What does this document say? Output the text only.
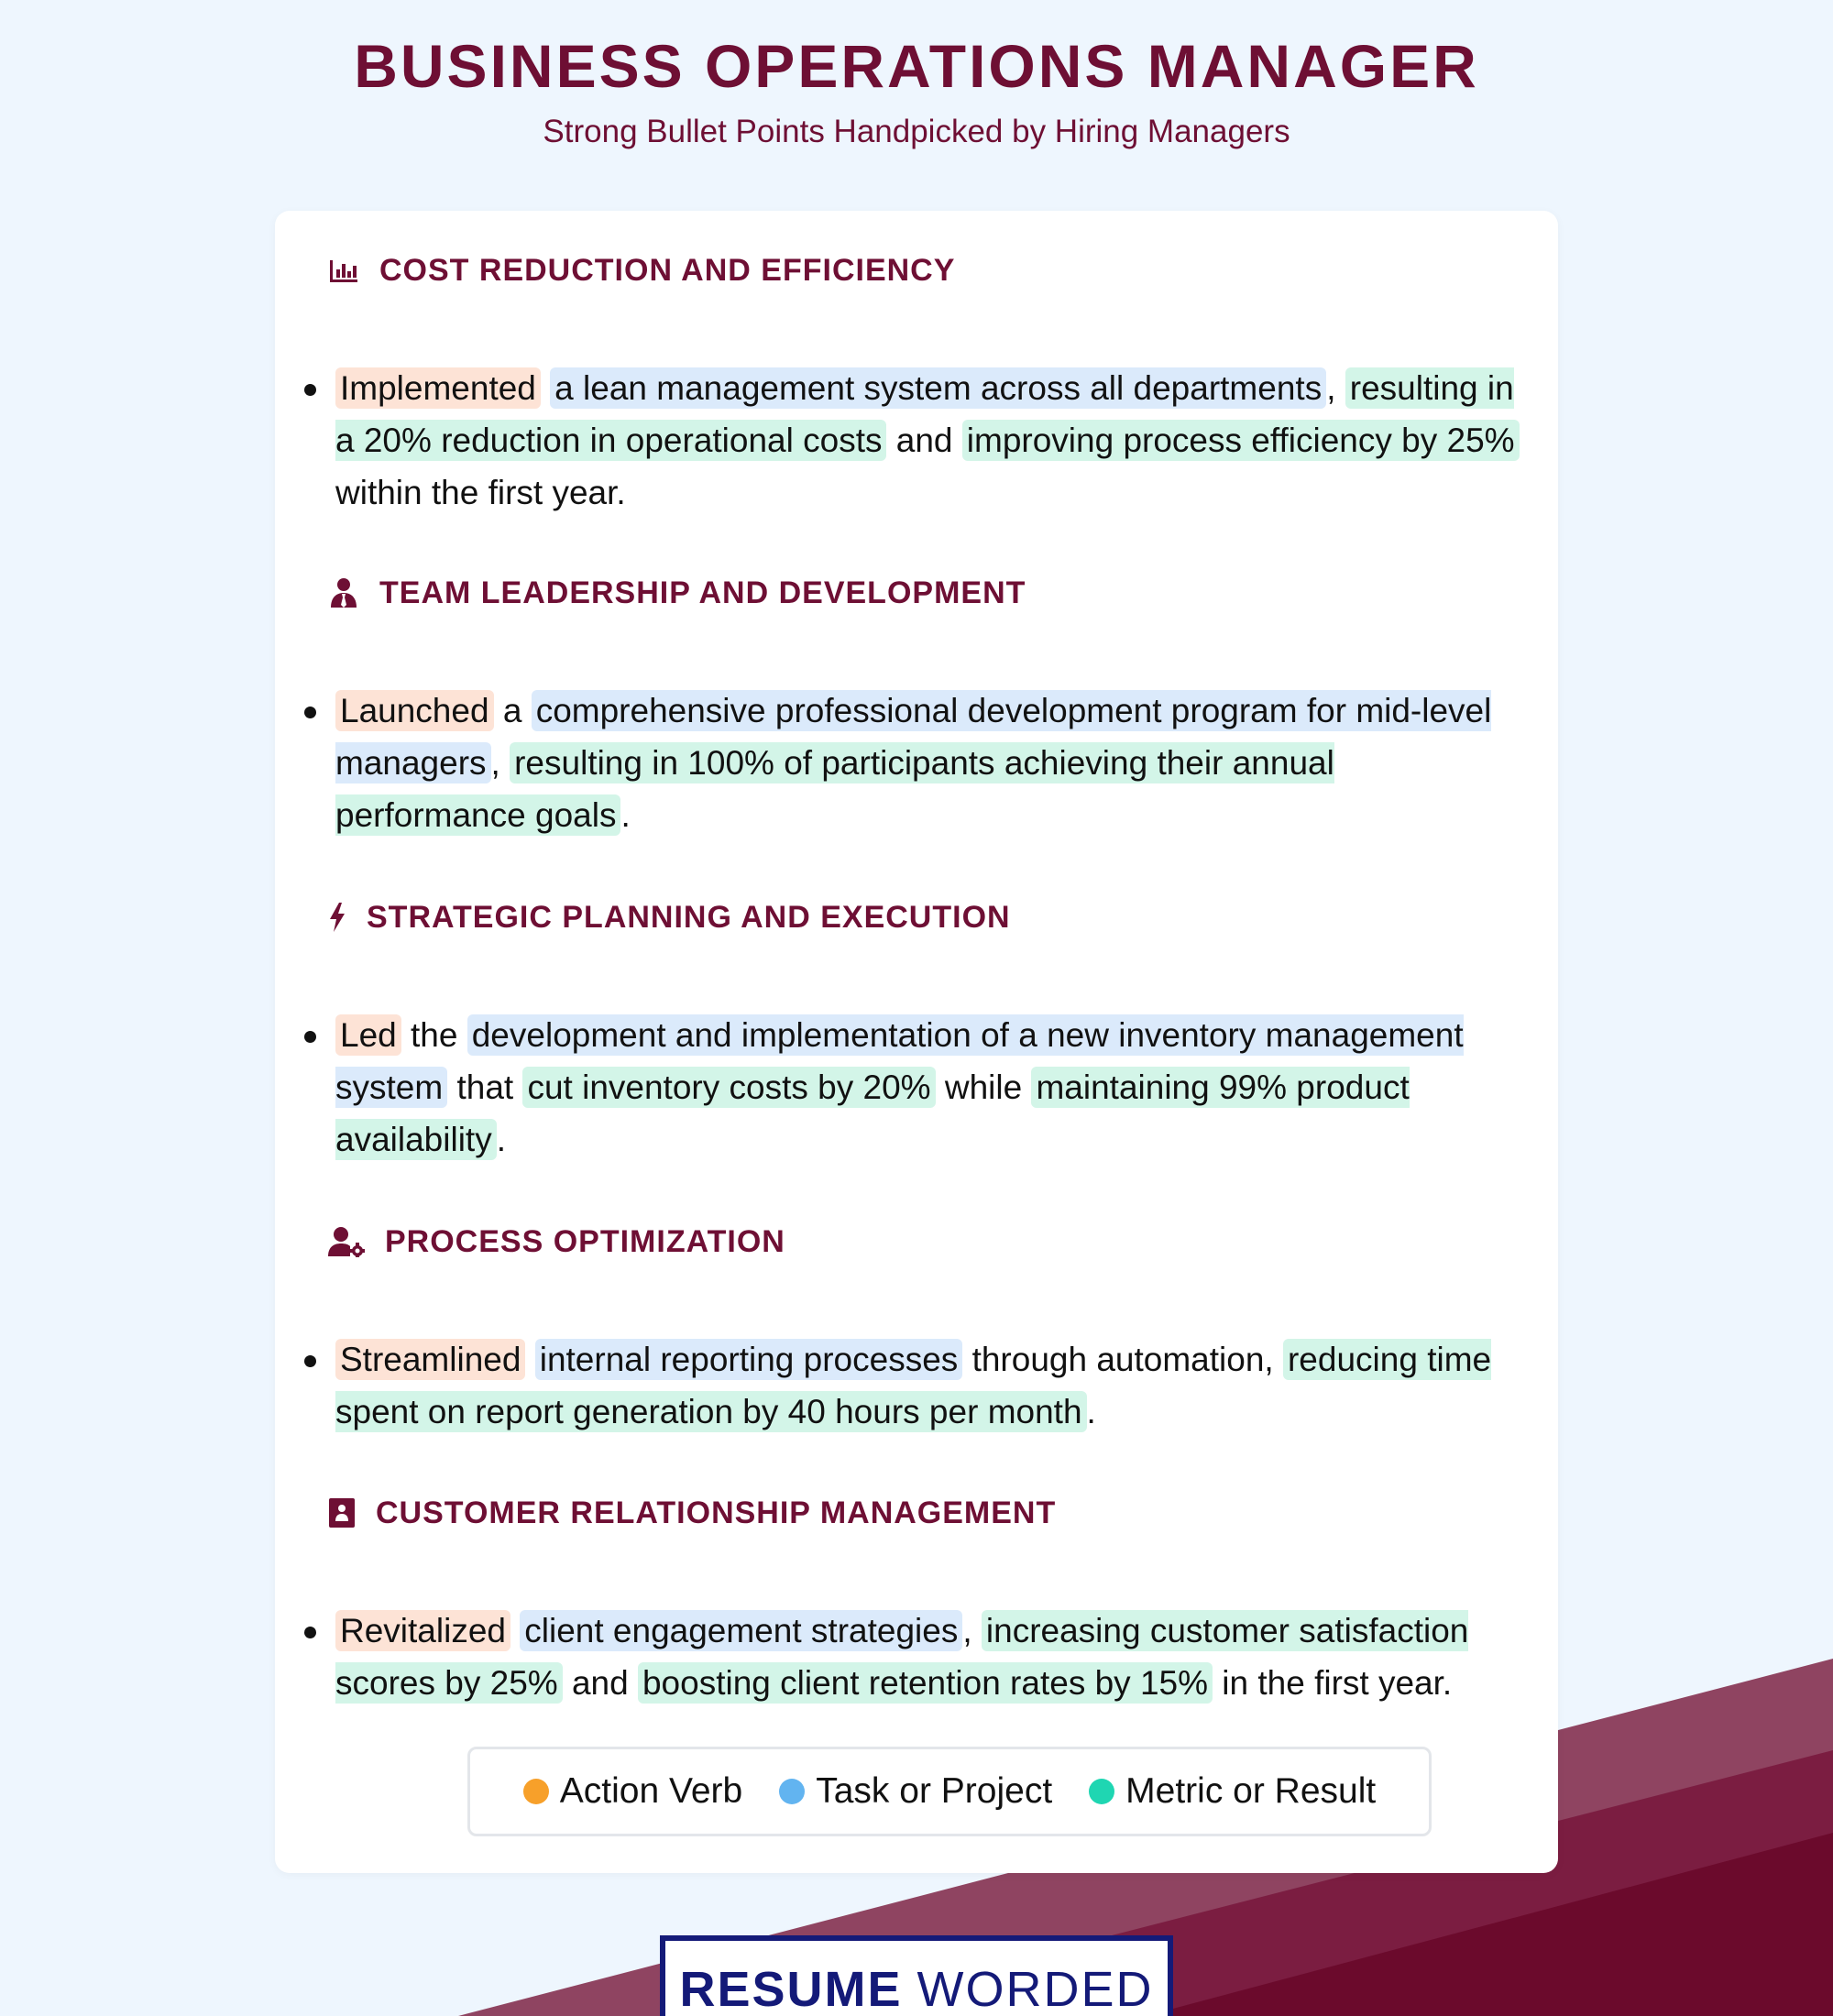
BUSINESS OPERATIONS MANAGER
Strong Bullet Points Handpicked by Hiring Managers
COST REDUCTION AND EFFICIENCY
Implemented a lean management system across all departments , resulting in a 20% reduction in operational costs and improving process efficiency by 25% within the first year.
TEAM LEADERSHIP AND DEVELOPMENT
Launched a comprehensive professional development program for mid-level managers , resulting in 100% of participants achieving their annual performance goals .
STRATEGIC PLANNING AND EXECUTION
Led the development and implementation of a new inventory management system that cut inventory costs by 20% while maintaining 99% product availability .
PROCESS OPTIMIZATION
Streamlined internal reporting processes through automation, reducing time spent on report generation by 40 hours per month .
CUSTOMER RELATIONSHIP MANAGEMENT
Revitalized client engagement strategies , increasing customer satisfaction scores by 25% and boosting client retention rates by 15% in the first year.
Action Verb Task or Project Metric or Result
RESUME WORDED
